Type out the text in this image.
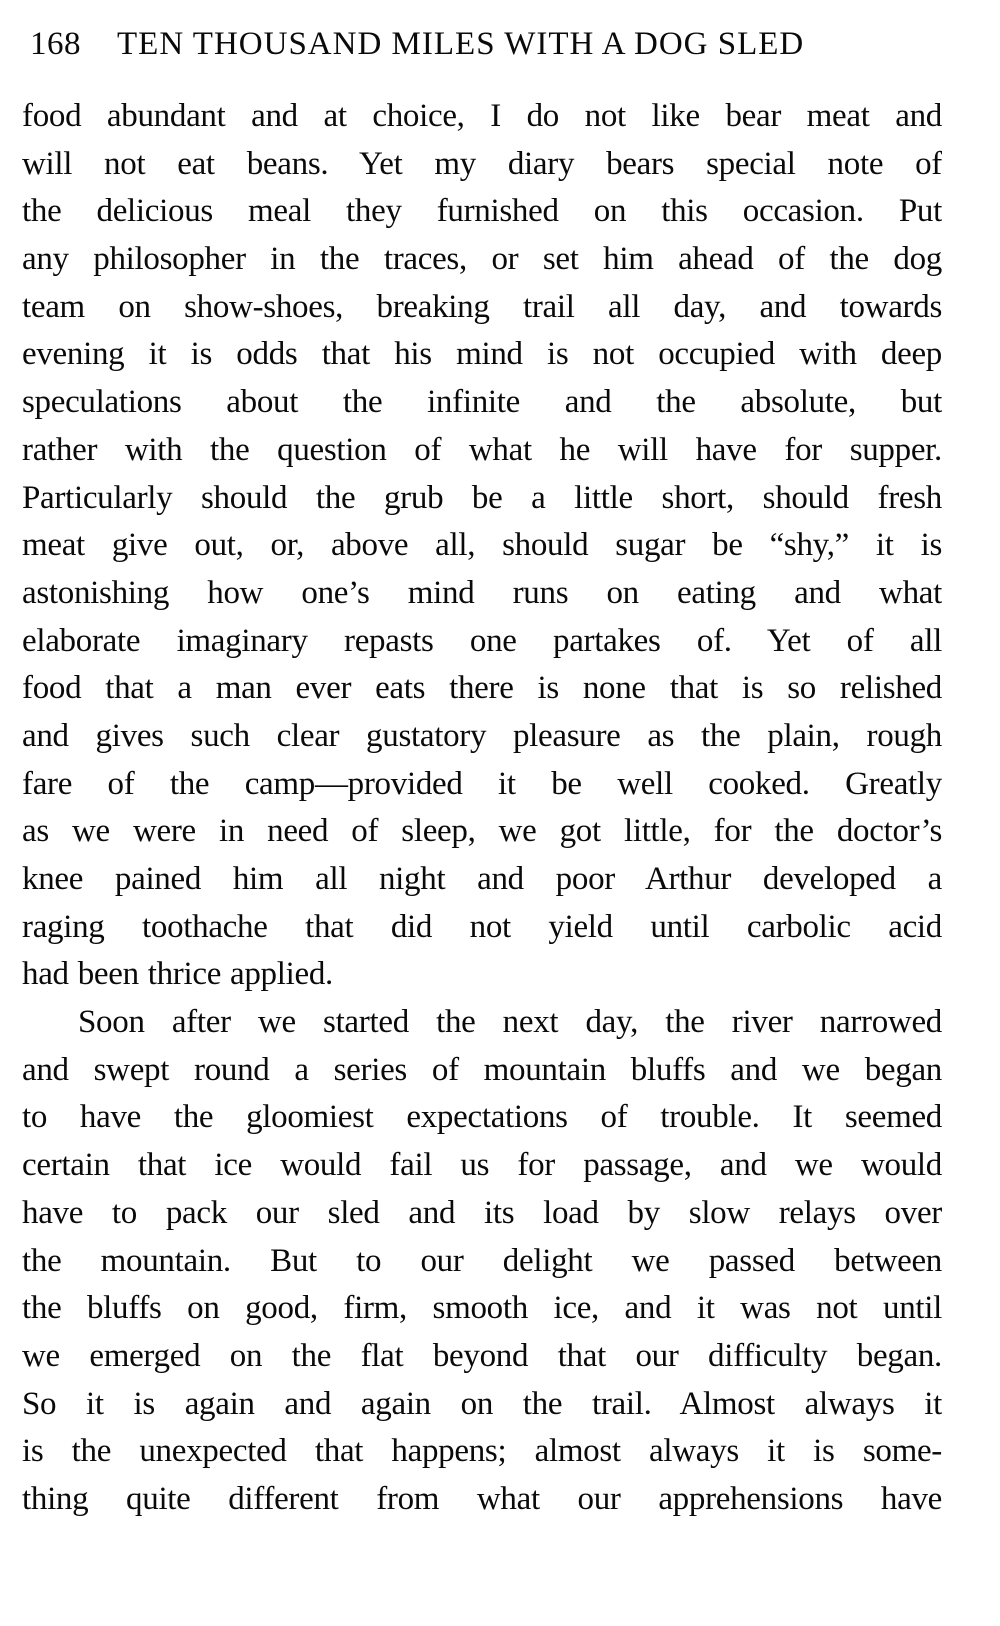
168 TEN THOUSAND MILES WITH A DOG SLED
food abundant and at choice, I do not like bear meat and
will not eat beans. Yet my diary bears special note of
the delicious meal they furnished on this occasion. Put
any philosopher in the traces, or set him ahead of the dog
team on show-shoes, breaking trail all day, and towards
evening it is odds that his mind is not occupied with deep
speculations about the infinite and the absolute, but
rather with the question of what he will have for supper.
Particularly should the grub be a little short, should fresh
meat give out, or, above all, should sugar be “shy,” it is
astonishing how one’s mind runs on eating and what
elaborate imaginary repasts one partakes of. Yet of all
food that a man ever eats there is none that is so relished
and gives such clear gustatory pleasure as the plain, rough
fare of the camp—provided it be well cooked. Greatly
as we were in need of sleep, we got little, for the doctor’s
knee pained him all night and poor Arthur developed a
raging toothache that did not yield until carbolic acid
had been thrice applied.
Soon after we started the next day, the river narrowed
and swept round a series of mountain bluffs and we began
to have the gloomiest expectations of trouble. It seemed
certain that ice would fail us for passage, and we would
have to pack our sled and its load by slow relays over
the mountain. But to our delight we passed between
the bluffs on good, firm, smooth ice, and it was not until
we emerged on the flat beyond that our difficulty began.
So it is again and again on the trail. Almost always it
is the unexpected that happens; almost always it is some-
thing quite different from what our apprehensions have
